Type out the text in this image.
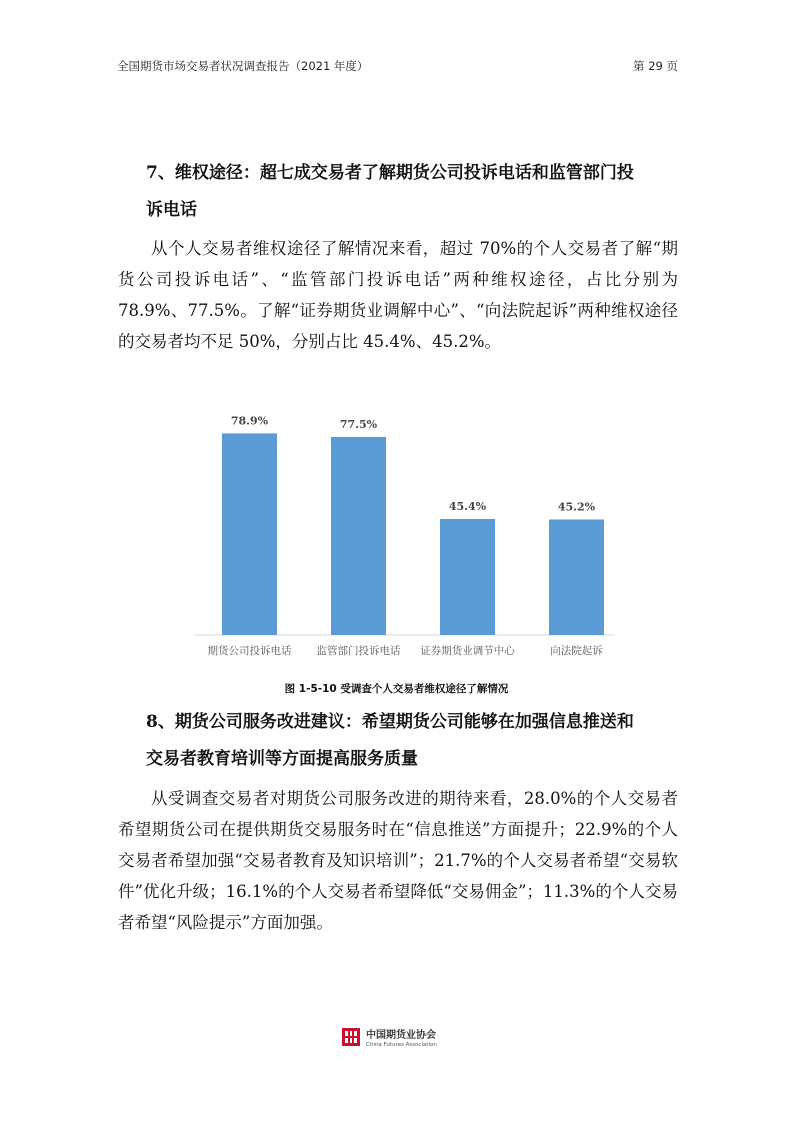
全国期货市场交易者状况调查报告（2021 年度）	第 29 页
7、维权途径：超七成交易者了解期货公司投诉电话和监管部门投
诉电话

从个人交易者维权途径了解情况来看，超过 70%的个人交易者了解“期货公司投诉电话”、“监管部门投诉电话”两种维权途径，占比分别为 78.9%、77.5%。了解“证券期货业调解中心”、“向法院起诉”两种维权途径的交易者均不足 50%，分别占比 45.4%、45.2%。

78.9%	77.5%
45.4%	45.2%
期货公司投诉电话 监管部门投诉电话 证券期货业调节中心	向法院起诉
图 1-5-10 受调查个人交易者维权途径了解情况
8、期货公司服务改进建议：希望期货公司能够在加强信息推送和
交易者教育培训等方面提高服务质量

从受调查交易者对期货公司服务改进的期待来看，28.0%的个人交易者希望期货公司在提供期货交易服务时在“信息推送”方面提升；22.9%的个人交易者希望加强“交易者教育及知识培训”；21.7%的个人交易者希望“交易软件”优化升级；16.1%的个人交易者希望降低“交易佣金”；11.3%的个人交易者希望“风险提示”方面加强。

中国期货业协会
China Futures Association
